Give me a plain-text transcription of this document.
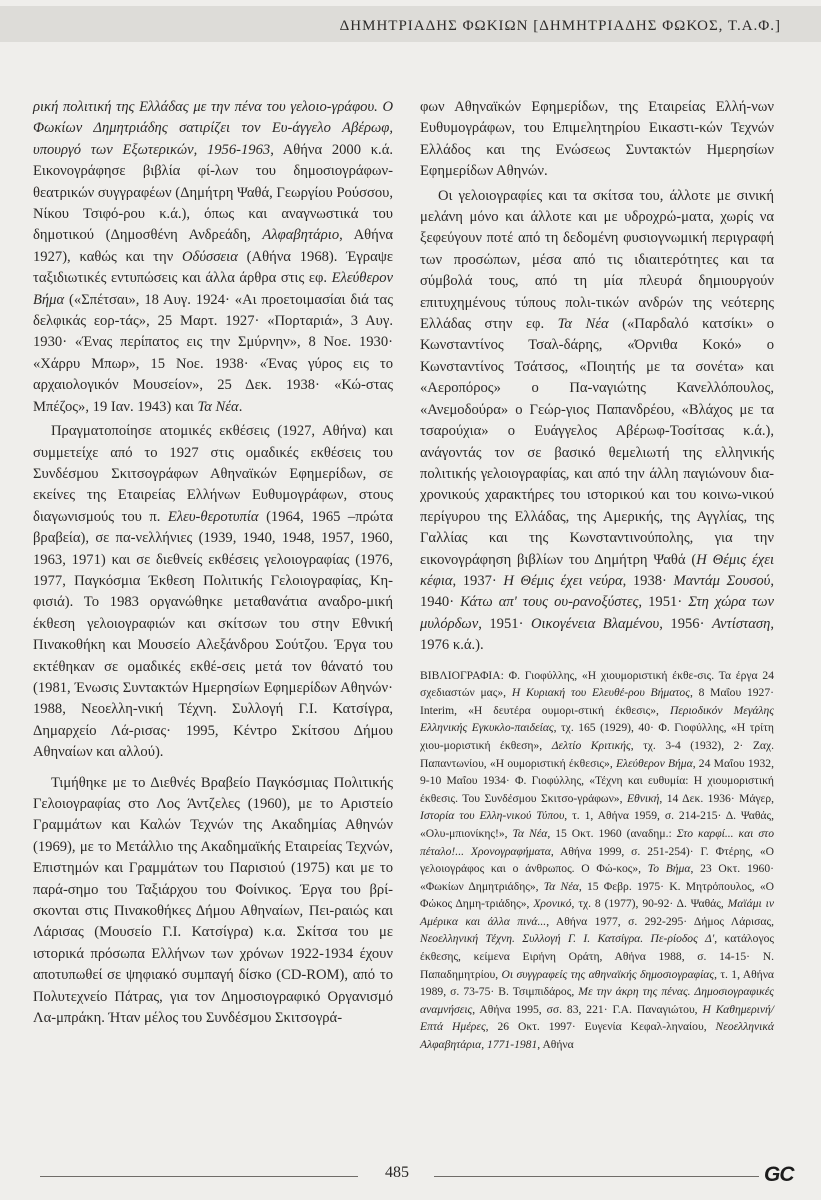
ΔΗΜΗΤΡΙΑΔΗΣ ΦΩΚΙΩΝ [ΔΗΜΗΤΡΙΑΔΗΣ ΦΩΚΟΣ, Τ.Α.Φ.]

ρική πολιτική της Ελλάδας με την πένα του γελοιο-γράφου. Ο Φωκίων Δημητριάδης σατιρίζει τον Ευ-άγγελο Αβέρωφ, υπουργό των Εξωτερικών, 1956-1963, Αθήνα 2000 κ.ά. Εικονογράφησε βιβλία φί-λων του δημοσιογράφων-θεατρικών συγγραφέων (Δημήτρη Ψαθά, Γεωργίου Ρούσσου, Νίκου Τσιφό-ρου κ.ά.), όπως και αναγνωστικά του δημοτικού (Δημοσθένη Ανδρεάδη, Αλφαβητάριο, Αθήνα 1927), καθώς και την Οδύσσεια (Αθήνα 1968). Έγραψε ταξιδιωτικές εντυπώσεις και άλλα άρθρα στις εφ. Ελεύθερον Βήμα («Σπέτσαι», 18 Αυγ. 1924· «Αι προετοιμασίαι διά τας δελφικάς εορ-τάς», 25 Μαρτ. 1927· «Πορταριά», 3 Αυγ. 1930· «Ένας περίπατος εις την Σμύρνην», 8 Νοε. 1930· «Χάρρυ Μπωρ», 15 Νοε. 1938· «Ένας γύρος εις το αρχαιολογικόν Μουσείον», 25 Δεκ. 1938· «Κώ-στας Μπέζος», 19 Ιαν. 1943) και Τα Νέα.

Πραγματοποίησε ατομικές εκθέσεις (1927, Αθήνα) και συμμετείχε από το 1927 στις ομαδικές εκθέσεις του Συνδέσμου Σκιτσογράφων Αθηναϊκών Εφημερίδων, σε εκείνες της Εταιρείας Ελλήνων Ευθυμογράφων, στους διαγωνισμούς του π. Ελευ-θεροτυπία (1964, 1965 –πρώτα βραβεία), σε πα-νελλήνιες (1939, 1940, 1948, 1957, 1960, 1963, 1971) και σε διεθνείς εκθέσεις γελοιογραφίας (1976, 1977, Παγκόσμια Έκθεση Πολιτικής Γελοιογραφίας, Κη-φισιά). Το 1983 οργανώθηκε μεταθανάτια αναδρο-μική έκθεση γελοιογραφιών και σκίτσων του στην Εθνική Πινακοθήκη και Μουσείο Αλεξάνδρου Σούτζου. Έργα του εκτέθηκαν σε ομαδικές εκθέ-σεις μετά τον θάνατό του (1981, Ένωσις Συντακτών Ημερησίων Εφημερίδων Αθηνών· 1988, Νεοελλη-νική Τέχνη. Συλλογή Γ.Ι. Κατσίγρα, Δημαρχείο Λά-ρισας· 1995, Κέντρο Σκίτσου Δήμου Αθηναίων και αλλού).

Τιμήθηκε με το Διεθνές Βραβείο Παγκόσμιας Πολιτικής Γελοιογραφίας στο Λος Άντζελες (1960), με το Αριστείο Γραμμάτων και Καλών Τεχνών της Ακαδημίας Αθηνών (1969), με το Μετάλλιο της Ακαδημαϊκής Εταιρείας Τεχνών, Επιστημών και Γραμμάτων του Παρισιού (1975) και με το παρά-σημο του Ταξιάρχου του Φοίνικος. Έργα του βρί-σκονται στις Πινακοθήκες Δήμου Αθηναίων, Πει-ραιώς και Λάρισας (Μουσείο Γ.Ι. Κατσίγρα) κ.α. Σκίτσα του με ιστορικά πρόσωπα Ελλήνων των χρόνων 1922-1934 έχουν αποτυπωθεί σε ψηφιακό συμπαγή δίσκο (CD-ROM), από το Πολυτεχνείο Πάτρας, για τον Δημοσιογραφικό Οργανισμό Λα-μπράκη. Ήταν μέλος του Συνδέσμου Σκιτσογρά-

φων Αθηναϊκών Εφημερίδων, της Εταιρείας Ελλή-νων Ευθυμογράφων, του Επιμελητηρίου Εικαστι-κών Τεχνών Ελλάδος και της Ενώσεως Συντακτών Ημερησίων Εφημερίδων Αθηνών.

Οι γελοιογραφίες και τα σκίτσα του, άλλοτε με σινική μελάνη μόνο και άλλοτε και με υδροχρώ-ματα, χωρίς να ξεφεύγουν ποτέ από τη δεδομένη φυσιογνωμική περιγραφή των προσώπων, μέσα από τις ιδιαιτερότητες και τα σύμβολά τους, από τη μία πλευρά δημιουργούν επιτυχημένους τύπους πολι-τικών ανδρών της νεότερης Ελλάδας στην εφ. Τα Νέα («Παρδαλό κατσίκι» ο Κωνσταντίνος Τσαλ-δάρης, «Όρνιθα Κοκό» ο Κωνσταντίνος Τσάτσος, «Ποιητής με τα σονέτα» και «Αεροπόρος» ο Πα-ναγιώτης Κανελλόπουλος, «Ανεμοδούρα» ο Γεώρ-γιος Παπανδρέου, «Βλάχος με τα τσαρούχια» ο Ευάγγελος Αβέρωφ-Τοσίτσας κ.ά.), ανάγοντάς τον σε βασικό θεμελιωτή της ελληνικής πολιτικής γελοιογραφίας, και από την άλλη παγιώνουν δια-χρονικούς χαρακτήρες του ιστορικού και του κοινω-νικού περίγυρου της Ελλάδας, της Αμερικής, της Αγγλίας, της Γαλλίας και της Κωνσταντινούπολης, για την εικονογράφηση βιβλίων του Δημήτρη Ψαθά (Η Θέμις έχει κέφια, 1937· Η Θέμις έχει νεύρα, 1938· Μαντάμ Σουσού, 1940· Κάτω απ' τους ου-ρανοξύστες, 1951· Στη χώρα των μυλόρδων, 1951· Οικογένεια Βλαμένου, 1956· Αντίσταση, 1976 κ.ά.).

ΒΙΒΛΙΟΓΡΑΦΙΑ: Φ. Γιοφύλλης, «Η χιουμοριστική έκθε-σις. Τα έργα 24 σχεδιαστών μας», Η Κυριακή του Ελευθέ-ρου Βήματος, 8 Μαΐου 1927· Interim, «Η δευτέρα ουμορι-στική έκθεσις», Περιοδικόν Μεγάλης Ελληνικής Εγκυκλο-παιδείας, τχ. 165 (1929), 40· Φ. Γιοφύλλης, «Η τρίτη χιου-μοριστική έκθεση», Δελτίο Κριτικής, τχ. 3-4 (1932), 2· Ζαχ. Παπαντωνίου, «Η ουμοριστική έκθεσις», Ελεύθερον Βήμα, 24 Μαΐου 1932, 9-10 Μαΐου 1934· Φ. Γιοφύλλης, «Τέχνη και ευθυμία: Η χιουμοριστική έκθεσις. Του Συνδέσμου Σκιτσο-γράφων», Εθνική, 14 Δεκ. 1936· Μάγερ, Ιστορία του Ελλη-νικού Τύπου, τ. 1, Αθήνα 1959, σ. 214-215· Δ. Ψαθάς, «Ολυ-μπιονίκης!», Τα Νέα, 15 Οκτ. 1960 (αναδημ.: Στο καρφί... και στο πέταλο!... Χρονογραφήματα, Αθήνα 1999, σ. 251-254)· Γ. Φτέρης, «Ο γελοιογράφος και ο άνθρωπος. Ο Φώ-κος», Το Βήμα, 23 Οκτ. 1960· «Φωκίων Δημητριάδης», Τα Νέα, 15 Φεβρ. 1975· Κ. Μητρόπουλος, «Ο Φώκος Δημη-τριάδης», Χρονικό, τχ. 8 (1977), 90-92· Δ. Ψαθάς, Μαϊάμι ιν Αμέρικα και άλλα πινά..., Αθήνα 1977, σ. 292-295· Δήμος Λάρισας, Νεοελληνική Τέχνη. Συλλογή Γ. Ι. Κατσίγρα. Πε-ρίοδος Δ', κατάλογος έκθεσης, κείμενα Ειρήνη Οράτη, Αθήνα 1988, σ. 14-15· Ν. Παπαδημητρίου, Οι συγγραφείς της αθηναϊκής δημοσιογραφίας, τ. 1, Αθήνα 1989, σ. 73-75· Β. Τσιμπιδάρος, Με την άκρη της πένας. Δημοσιογραφικές αναμνήσεις, Αθήνα 1995, σσ. 83, 221· Γ.Α. Παναγιώτου, Η Καθημερινή/Επτά Ημέρες, 26 Οκτ. 1997· Ευγενία Κεφαλ-ληναίου, Νεοελληνικά Αλφαβητάρια, 1771-1981, Αθήνα

485	GC
